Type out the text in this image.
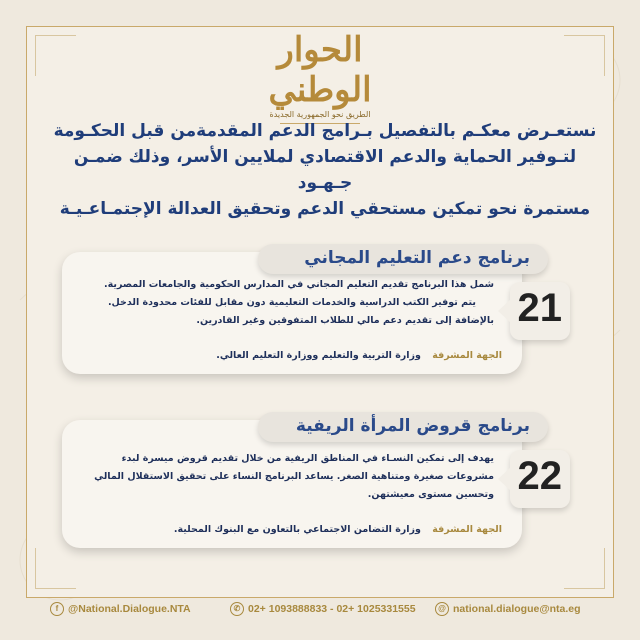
الحوار الوطني
الطريق نحو الجمهورية الجديدة
نستعـرض معكـم بالتفصيل بـرامج الدعم المقدمةمن قبل الحكـومة
لتـوفير الحماية والدعم الاقتصادي لملايين الأسر، وذلك ضمـن جـهـود
مستمرة نحو تمكين مستحقي الدعم وتحقيق العدالة الإجتمـاعـيـة
برنامج دعم التعليم المجاني
21
شمل هذا البرنامج تقديم التعليم المجاني في المدارس الحكومية والجامعات المصرية.
يتم توفير الكتب الدراسية والخدمات التعليمية دون مقابل للفئات محدودة الدخل.
بالإضافة إلى تقديم دعم مالي للطلاب المتفوقين وغير القادرين.
الجهة المشرفة وزارة التربية والتعليم ووزارة التعليم العالي.
برنامج قروض المرأة الريفية
22
يهدف إلى تمكين النسـاء في المناطق الريفية من خلال تقديم قروض ميسرة لبدء
مشروعات صغيرة ومتناهية الصغر. يساعد البرنامج النساء على تحقيق الاستقلال المالي
وتحسين مستوى معيشتهن.
الجهة المشرفة وزارة التضامن الاجتماعي بالتعاون مع البنوك المحلية.
f @National.Dialogue.NTA	✆ 02+ 1093888833 - 02+ 1025331555	@ national.dialogue@nta.eg
